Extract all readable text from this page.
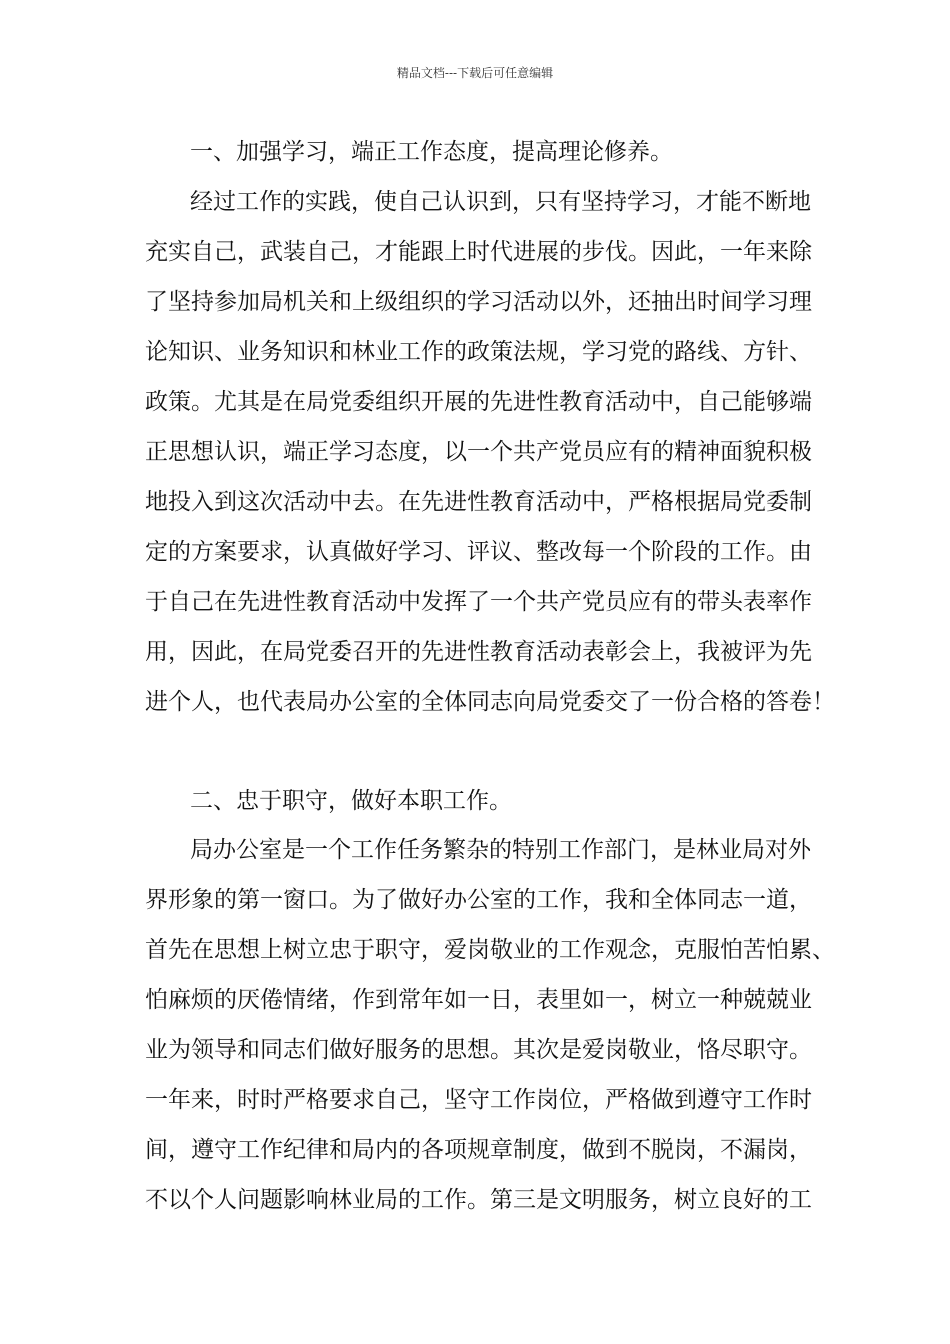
精品文档---下载后可任意编辑

一、加强学习，端正工作态度，提高理论修养。

经过工作的实践，使自己认识到，只有坚持学习，才能不断地

充实自己，武装自己，才能跟上时代进展的步伐。因此，一年来除

了坚持参加局机关和上级组织的学习活动以外，还抽出时间学习理

论知识、业务知识和林业工作的政策法规，学习党的路线、方针、

政策。尤其是在局党委组织开展的先进性教育活动中，自己能够端

正思想认识，端正学习态度，以一个共产党员应有的精神面貌积极

地投入到这次活动中去。在先进性教育活动中，严格根据局党委制

定的方案要求，认真做好学习、评议、整改每一个阶段的工作。由

于自己在先进性教育活动中发挥了一个共产党员应有的带头表率作

用，因此，在局党委召开的先进性教育活动表彰会上，我被评为先

进个人，也代表局办公室的全体同志向局党委交了一份合格的答卷！

二、忠于职守，做好本职工作。

局办公室是一个工作任务繁杂的特别工作部门，是林业局对外

界形象的第一窗口。为了做好办公室的工作，我和全体同志一道，

首先在思想上树立忠于职守，爱岗敬业的工作观念，克服怕苦怕累、

怕麻烦的厌倦情绪，作到常年如一日，表里如一，树立一种兢兢业

业为领导和同志们做好服务的思想。其次是爱岗敬业，恪尽职守。

一年来，时时严格要求自己，坚守工作岗位，严格做到遵守工作时

间，遵守工作纪律和局内的各项规章制度，做到不脱岗，不漏岗，

不以个人问题影响林业局的工作。第三是文明服务，树立良好的工
